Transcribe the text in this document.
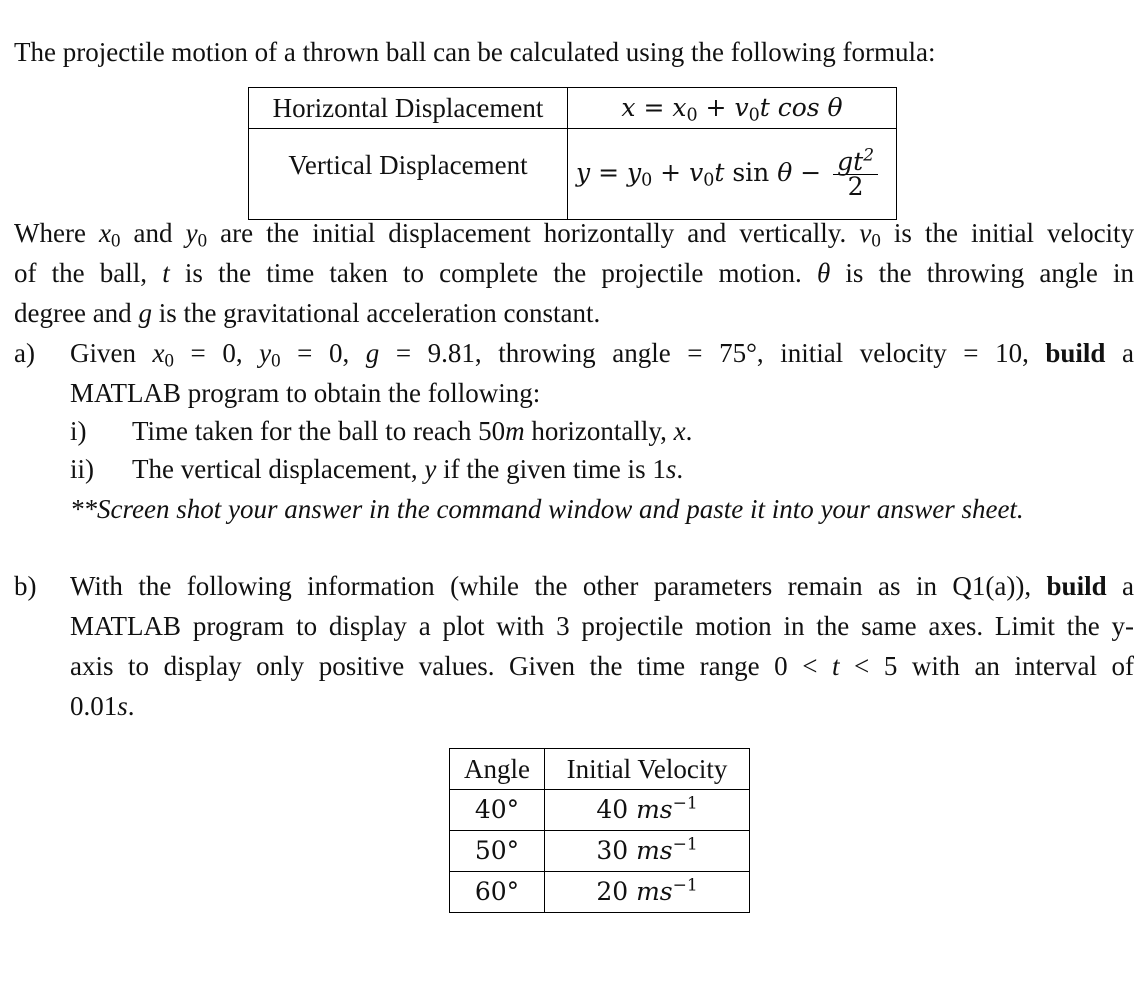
The projectile motion of a thrown ball can be calculated using the following formula:
Horizontal Displacement	$x = x_0 + v_0t$ cos θ
Vertical Displacement	$y = y_0 + v_0t$ $\sin \theta - \frac{gt^2}{2}$
Where $x_0$ and $y_0$ are the initial displacement horizontally and vertically. $v_0$ is the initial velocity
of the ball, t is the time taken to complete the projectile motion. θ is the throwing angle in
degree and g is the gravitational acceleration constant.
a) Given $x_0 = 0$, $y_0 = 0$, g = 9.81, throwing angle = 75°, initial velocity = 10, build a
MATLAB program to obtain the following:
i) Time taken for the ball to reach 50m horizontally, x.
ii) The vertical displacement, y if the given time is 1s.
**Screen shot your answer in the command window and paste it into your answer sheet.
b) With the following information (while the other parameters remain as in Q1(a)), build a
MATLAB program to display a plot with 3 projectile motion in the same axes. Limit the y-
axis to display only positive values. Given the time range 0 < t < 5 with an interval of
0.01s.
Angle	Initial Velocity
40°	40 $ms^{-1}$
50°	30 $ms^{-1}$
60°	20 $ms^{-1}$
